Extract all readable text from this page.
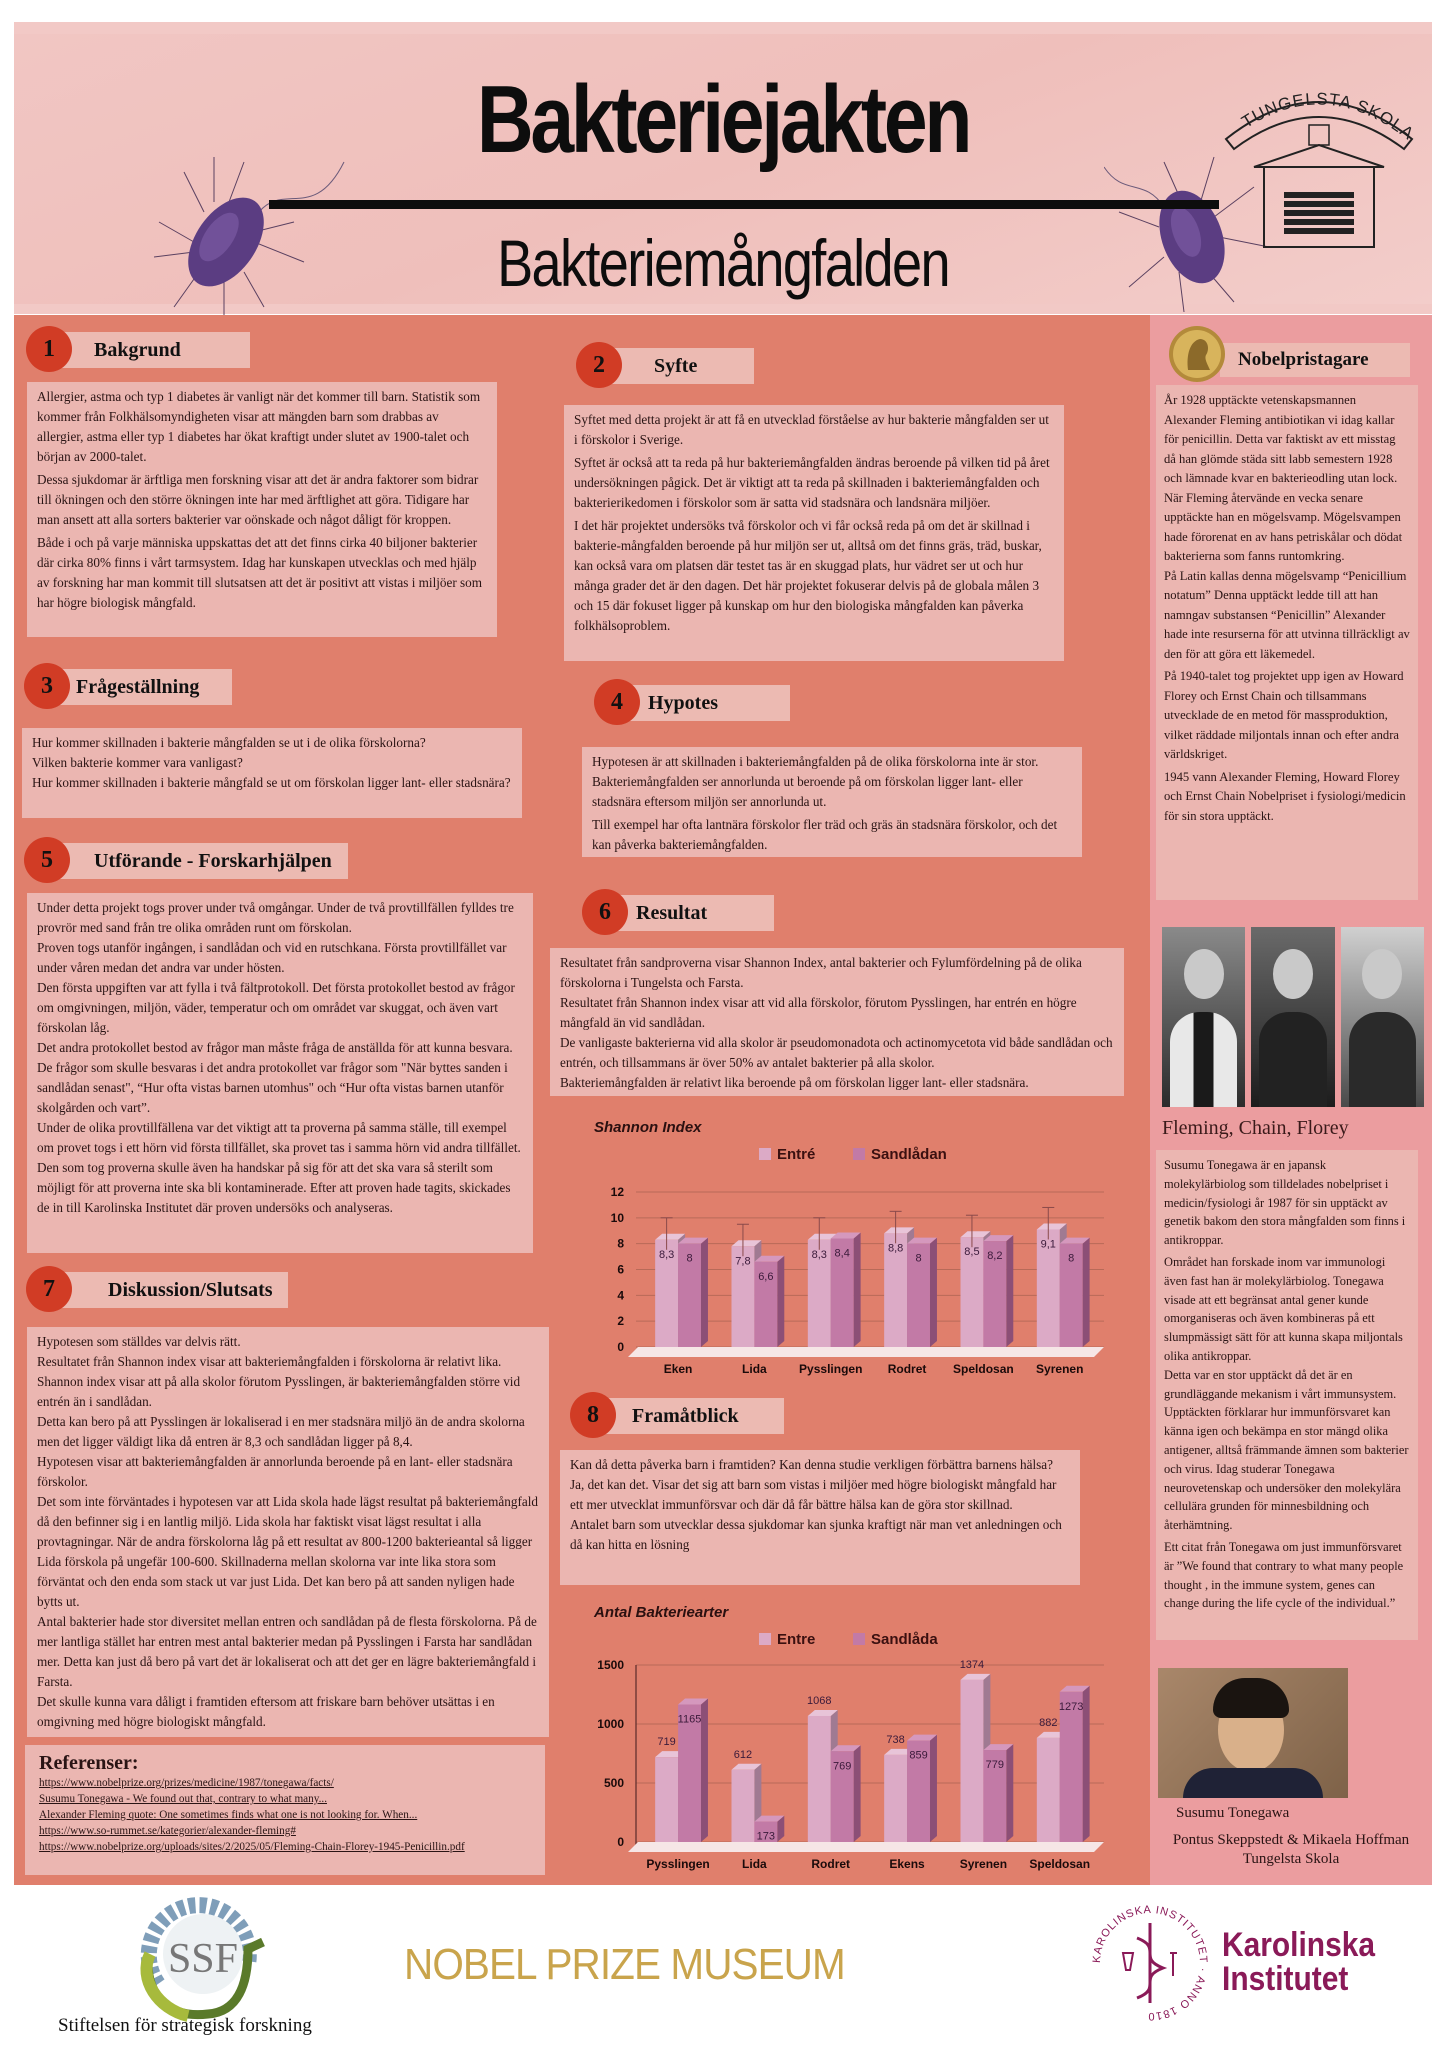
Bakteriejakten
Bakteriemångfalden
TUNGELSTA SKOLA
1	Bakgrund

Allergier, astma och typ 1 diabetes är vanligt när det kommer till barn. Statistik som kommer från Folkhälsomyndigheten visar att mängden barn som drabbas av allergier, astma eller typ 1 diabetes har ökat kraftigt under slutet av 1900-talet och början av 2000-talet.

Dessa sjukdomar är ärftliga men forskning visar att det är andra faktorer som bidrar till ökningen och den större ökningen inte har med ärftlighet att göra. Tidigare har man ansett att alla sorters bakterier var oönskade och något dåligt för kroppen.

Både i och på varje människa uppskattas det att det finns cirka 40 biljoner bakterier där cirka 80% finns i vårt tarmsystem. Idag har kunskapen utvecklas och med hjälp av forskning har man kommit till slutsatsen att det är positivt att vistas i miljöer som har högre biologisk mångfald.

2	Syfte

Syftet med detta projekt är att få en utvecklad förståelse av hur bakterie mångfalden ser ut i förskolor i Sverige.

Syftet är också att ta reda på hur bakteriemångfalden ändras beroende på vilken tid på året undersökningen pågick. Det är viktigt att ta reda på skillnaden i bakteriemångfalden och bakterierikedomen i förskolor som är satta vid stadsnära och landsnära miljöer.

I det här projektet undersöks två förskolor och vi får också reda på om det är skillnad i bakterie-mångfalden beroende på hur miljön ser ut, alltså om det finns gräs, träd, buskar, kan också vara om platsen där testet tas är en skuggad plats, hur vädret ser ut och hur många grader det är den dagen. Det här projektet fokuserar delvis på de globala målen 3 och 15 där fokuset ligger på kunskap om hur den biologiska mångfalden kan påverka folkhälsoproblem.

3	Frågeställning
Hur kommer skillnaden i bakterie mångfalden se ut i de olika förskolorna?
Vilken bakterie kommer vara vanligast?
Hur kommer skillnaden i bakterie mångfald se ut om förskolan ligger lant- eller stadsnära?
4	Hypotes

Hypotesen är att skillnaden i bakteriemångfalden på de olika förskolorna inte är stor. Bakteriemångfalden ser annorlunda ut beroende på om förskolan ligger lant- eller stadsnära eftersom miljön ser annorlunda ut.

Till exempel har ofta lantnära förskolor fler träd och gräs än stadsnära förskolor, och det kan påverka bakteriemångfalden.

5	Utförande - Forskarhjälpen
Under detta projekt togs prover under två omgångar. Under de två provtillfällen fylldes tre provrör med sand från tre olika områden runt om förskolan.
Proven togs utanför ingången, i sandlådan och vid en rutschkana. Första provtillfället var under våren medan det andra var under hösten.
Den första uppgiften var att fylla i två fältprotokoll. Det första protokollet bestod av frågor om omgivningen, miljön, väder, temperatur och om området var skuggat, och även vart förskolan låg.
Det andra protokollet bestod av frågor man måste fråga de anställda för att kunna besvara. De frågor som skulle besvaras i det andra protokollet var frågor som "När byttes sanden i sandlådan senast", “Hur ofta vistas barnen utomhus" och “Hur ofta vistas barnen utanför skolgården och vart”.
Under de olika provtillfällena var det viktigt att ta proverna på samma ställe, till exempel om provet togs i ett hörn vid första tillfället, ska provet tas i samma hörn vid andra tillfället.
Den som tog proverna skulle även ha handskar på sig för att det ska vara så sterilt som möjligt för att proverna inte ska bli kontaminerade. Efter att proven hade tagits, skickades de in till Karolinska Institutet där proven undersöks och analyseras.
6	Resultat
Resultatet från sandproverna visar Shannon Index, antal bakterier och Fylumfördelning på de olika förskolorna i Tungelsta och Farsta.
Resultatet från Shannon index visar att vid alla förskolor, förutom Pysslingen, har entrén en högre mångfald än vid sandlådan.
De vanligaste bakterierna vid alla skolor är pseudomonadota och actinomycetota vid både sandlådan och entrén, och tillsammans är över 50% av antalet bakterier på alla skolor.
Bakteriemångfalden är relativt lika beroende på om förskolan ligger lant- eller stadsnära.
Shannon Index
Entré	Sandlådan
0
2
4
6
8
10
12
8,3 8
Eken
7,8
6,6
Lida
8,3 8,4
Pysslingen
8,8
8
Rodret
8,5 8,2
Speldosan
9,1
8
Syrenen
7	Diskussion/Slutsats
Hypotesen som ställdes var delvis rätt.
Resultatet från Shannon index visar att bakteriemångfalden i förskolorna är relativt lika. Shannon index visar att på alla skolor förutom Pysslingen, är bakteriemångfalden större vid entrén än i sandlådan.
Detta kan bero på att Pysslingen är lokaliserad i en mer stadsnära miljö än de andra skolorna men det ligger väldigt lika då entren är 8,3 och sandlådan ligger på 8,4.
Hypotesen visar att bakteriemångfalden är annorlunda beroende på en lant- eller stadsnära förskolor.
Det som inte förväntades i hypotesen var att Lida skola hade lägst resultat på bakteriemångfald då den befinner sig i en lantlig miljö. Lida skola har faktiskt visat lägst resultat i alla provtagningar. När de andra förskolorna låg på ett resultat av 800-1200 bakterieantal så ligger Lida förskola på ungefär 100-600. Skillnaderna mellan skolorna var inte lika stora som förväntat och den enda som stack ut var just Lida. Det kan bero på att sanden nyligen hade bytts ut.
Antal bakterier hade stor diversitet mellan entren och sandlådan på de flesta förskolorna. På de mer lantliga stället har entren mest antal bakterier medan på Pysslingen i Farsta har sandlådan mer. Detta kan just då bero på vart det är lokaliserat och att det ger en lägre bakteriemångfald i Farsta.
Det skulle kunna vara dåligt i framtiden eftersom att friskare barn behöver utsättas i en omgivning med högre biologiskt mångfald.
8	Framåtblick
Kan då detta påverka barn i framtiden? Kan denna studie verkligen förbättra barnens hälsa? Ja, det kan det. Visar det sig att barn som vistas i miljöer med högre biologiskt mångfald har ett mer utvecklat immunförsvar och där då får bättre hälsa kan de göra stor skillnad.
Antalet barn som utvecklar dessa sjukdomar kan sjunka kraftigt när man vet anledningen och då kan hitta en lösning
Antal Bakteriearter
Entre	Sandlåda
0
500
1000
1500
719
1165
Pysslingen
612
173
Lida
1068
769
Rodret
738
859
Ekens
1374
779
Syrenen
882
1273
Speldosan
Referenser:
https://www.nobelprize.org/prizes/medicine/1987/tonegawa/facts/
Susumu Tonegawa - We found out that, contrary to what many...
Alexander Fleming quote: One sometimes finds what one is not looking for. When...
https://www.so-rummet.se/kategorier/alexander-fleming#
https://www.nobelprize.org/uploads/sites/2/2025/05/Fleming-Chain-Florey-1945-Penicillin.pdf
Nobelpristagare
År 1928 upptäckte vetenskapsmannen Alexander Fleming antibiotikan vi idag kallar för penicillin. Detta var faktiskt av ett misstag då han glömde städa sitt labb semestern 1928 och lämnade kvar en bakterieodling utan lock.
När Fleming återvände en vecka senare upptäckte han en mögelsvamp. Mögelsvampen hade förorenat en av hans petriskålar och dödat bakterierna som fanns runtomkring.

På Latin kallas denna mögelsvamp “Penicillium notatum” Denna upptäckt ledde till att han namngav substansen “Penicillin” Alexander hade inte resurserna för att utvinna tillräckligt av den för att göra ett läkemedel.

På 1940-talet tog projektet upp igen av Howard Florey och Ernst Chain och tillsammans utvecklade de en metod för massproduktion, vilket räddade miljontals innan och efter andra världskriget.

1945 vann Alexander Fleming, Howard Florey och Ernst Chain Nobelpriset i fysiologi/medicin för sin stora upptäckt.
Fleming, Chain, Florey

Susumu Tonegawa är en japansk molekylärbiolog som tilldelades nobelpriset i medicin/fysiologi år 1987 för sin upptäckt av genetik bakom den stora mångfalden som finns i antikroppar.

Området han forskade inom var immunologi även fast han är molekylärbiolog. Tonegawa visade att ett begränsat antal gener kunde omorganiseras och även kombineras på ett slumpmässigt sätt för att kunna skapa miljontals olika antikroppar.

Detta var en stor upptäckt då det är en grundläggande mekanism i vårt immunsystem. Upptäckten förklarar hur immunförsvaret kan känna igen och bekämpa en stor mängd olika antigener, alltså främmande ämnen som bakterier och virus. Idag studerar Tonegawa neurovetenskap och undersöker den molekylära cellulära grunden för minnesbildning och återhämtning.

Ett citat från Tonegawa om just immunförsvaret är ”We found that contrary to what many people thought , in the immune system, genes can change during the life cycle of the individual.”
Susumu Tonegawa
Pontus Skeppstedt & Mikaela Hoffman
Tungelsta Skola
SSF
Stiftelsen för strategisk forskning
NOBEL PRIZE MUSEUM	KAROLINSKA INSTITUTET · ANNO 1810
Karolinska
Institutet
